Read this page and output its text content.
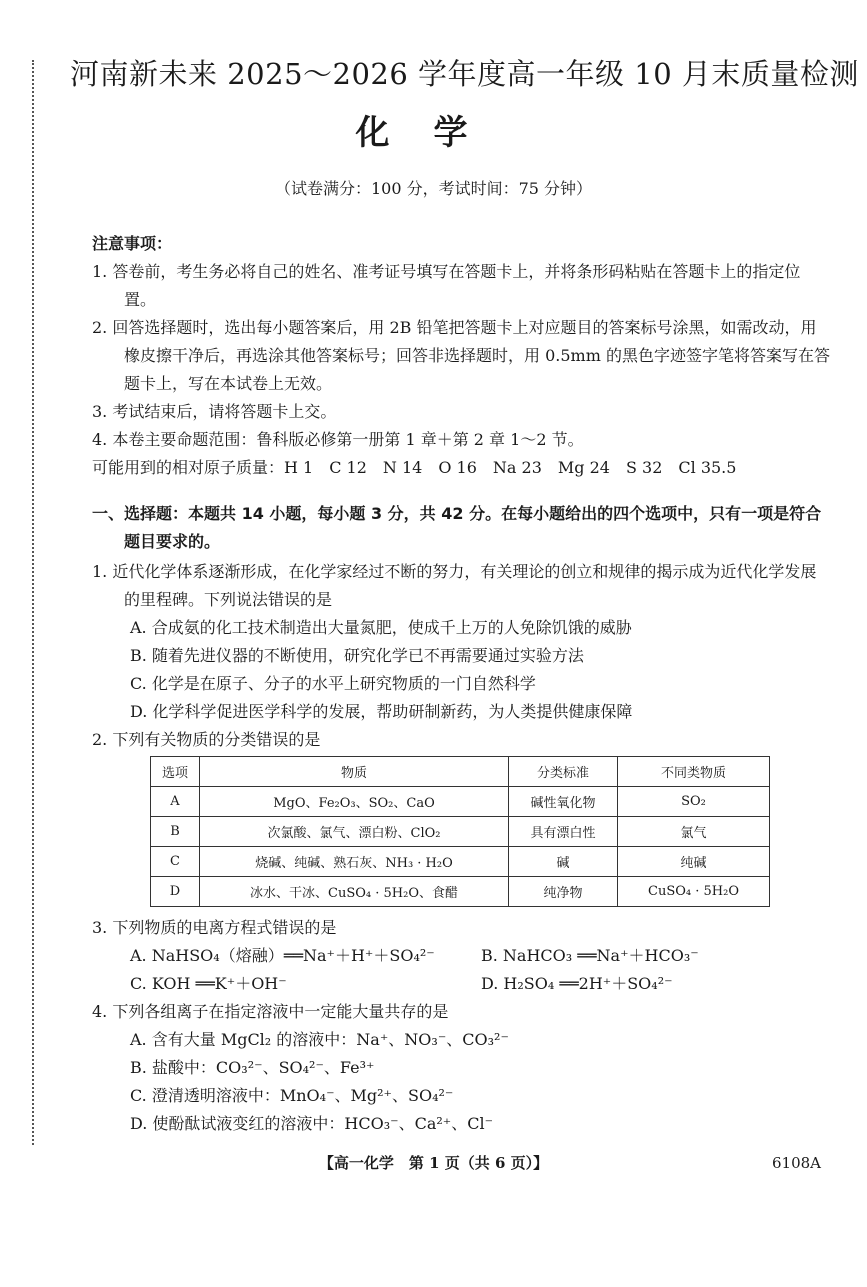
河南新未来 2025～2026 学年度高一年级 10 月末质量检测
化学
（试卷满分：100 分，考试时间：75 分钟）
注意事项：
1. 答卷前，考生务必将自己的姓名、准考证号填写在答题卡上，并将条形码粘贴在答题卡上的指定位置。
2. 回答选择题时，选出每小题答案后，用 2B 铅笔把答题卡上对应题目的答案标号涂黑，如需改动，用橡皮擦干净后，再选涂其他答案标号；回答非选择题时，用 0.5mm 的黑色字迹签字笔将答案写在答题卡上，写在本试卷上无效。
3. 考试结束后，请将答题卡上交。
4. 本卷主要命题范围：鲁科版必修第一册第 1 章＋第 2 章 1～2 节。
可能用到的相对原子质量：H 1　C 12　N 14　O 16　Na 23　Mg 24　S 32　Cl 35.5
一、选择题：本题共 14 小题，每小题 3 分，共 42 分。在每小题给出的四个选项中，只有一项是符合题目要求的。
1. 近代化学体系逐渐形成，在化学家经过不断的努力，有关理论的创立和规律的揭示成为近代化学发展的里程碑。下列说法错误的是
A. 合成氨的化工技术制造出大量氮肥，使成千上万的人免除饥饿的威胁
B. 随着先进仪器的不断使用，研究化学已不再需要通过实验方法
C. 化学是在原子、分子的水平上研究物质的一门自然科学
D. 化学科学促进医学科学的发展，帮助研制新药，为人类提供健康保障
2. 下列有关物质的分类错误的是
选项	物质	分类标准	不同类物质
A	MgO、Fe₂O₃、SO₂、CaO	碱性氧化物	SO₂
B	次氯酸、氯气、漂白粉、ClO₂	具有漂白性	氯气
C	烧碱、纯碱、熟石灰、NH₃ · H₂O	碱	纯碱
D	冰水、干冰、CuSO₄ · 5H₂O、食醋	纯净物	CuSO₄ · 5H₂O
3. 下列物质的电离方程式错误的是
A. NaHSO₄（熔融）══Na⁺＋H⁺＋SO₄²⁻	B. NaHCO₃ ══Na⁺＋HCO₃⁻
C. KOH ══K⁺＋OH⁻	D. H₂SO₄ ══2H⁺＋SO₄²⁻
4. 下列各组离子在指定溶液中一定能大量共存的是
A. 含有大量 MgCl₂ 的溶液中：Na⁺、NO₃⁻、CO₃²⁻
B. 盐酸中：CO₃²⁻、SO₄²⁻、Fe³⁺
C. 澄清透明溶液中：MnO₄⁻、Mg²⁺、SO₄²⁻
D. 使酚酞试液变红的溶液中：HCO₃⁻、Ca²⁺、Cl⁻
【高一化学　第 1 页（共 6 页）】	6108A
